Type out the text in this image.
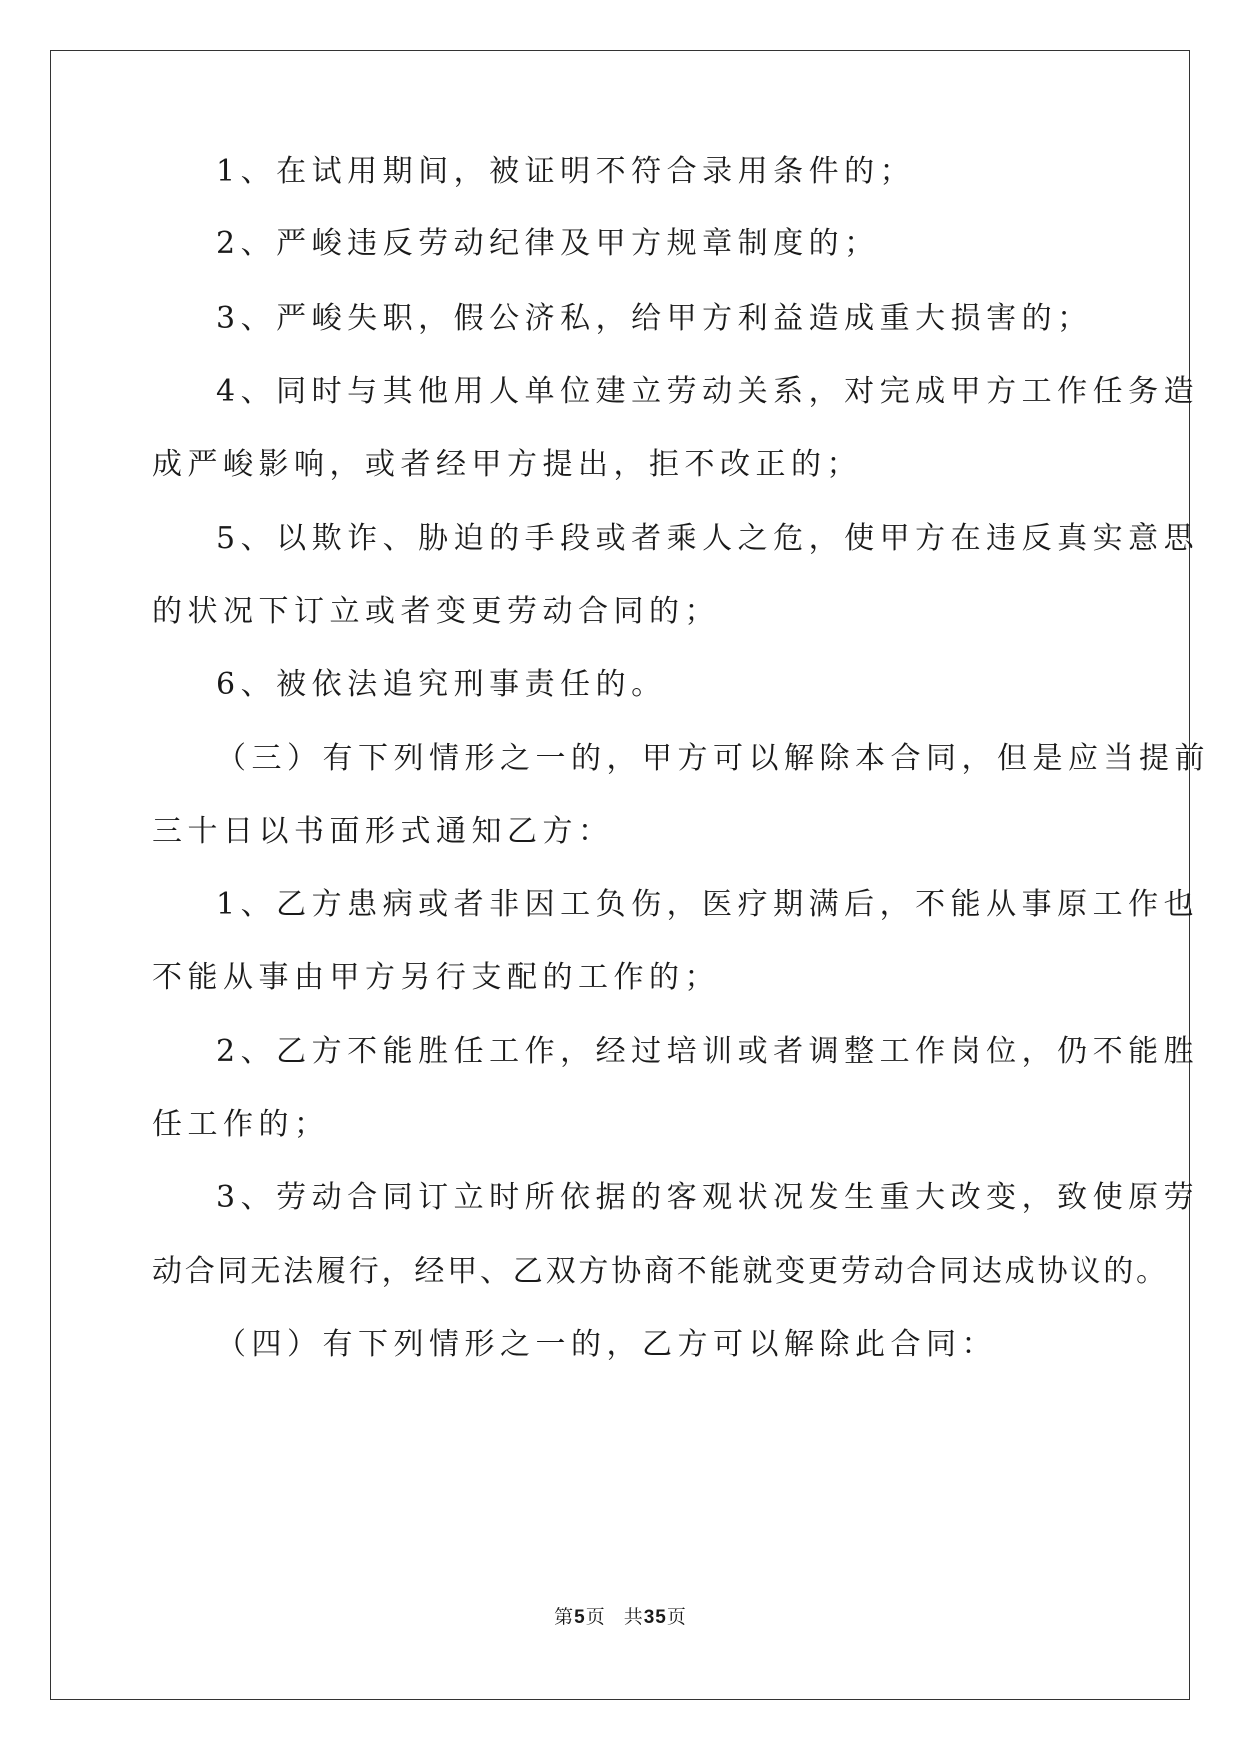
1、在试用期间，被证明不符合录用条件的；
2、严峻违反劳动纪律及甲方规章制度的；
3、严峻失职，假公济私，给甲方利益造成重大损害的；
4、同时与其他用人单位建立劳动关系，对完成甲方工作任务造
成严峻影响，或者经甲方提出，拒不改正的；
5、以欺诈、胁迫的手段或者乘人之危，使甲方在违反真实意思
的状况下订立或者变更劳动合同的；
6、被依法追究刑事责任的。
（三）有下列情形之一的，甲方可以解除本合同，但是应当提前
三十日以书面形式通知乙方：
1、乙方患病或者非因工负伤，医疗期满后，不能从事原工作也
不能从事由甲方另行支配的工作的；
2、乙方不能胜任工作，经过培训或者调整工作岗位，仍不能胜
任工作的；
3、劳动合同订立时所依据的客观状况发生重大改变，致使原劳
动合同无法履行，经甲、乙双方协商不能就变更劳动合同达成协议的。
（四）有下列情形之一的，乙方可以解除此合同：
第5页 共35页
